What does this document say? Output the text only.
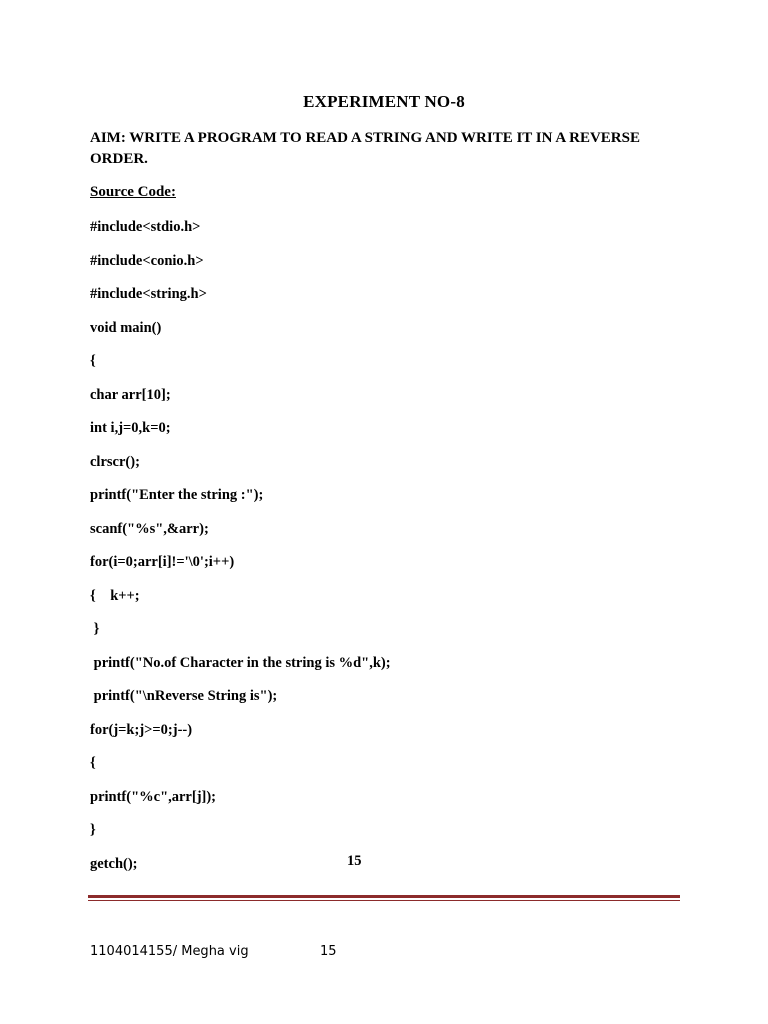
EXPERIMENT NO-8
AIM: WRITE A PROGRAM TO READ A STRING AND WRITE IT IN A REVERSE ORDER.
Source Code:
#include<stdio.h>
#include<conio.h>
#include<string.h>
void main()
{
char arr[10];
int i,j=0,k=0;
clrscr();
printf("Enter the string :");
scanf("%s",&arr);
for(i=0;arr[i]!='\0';i++)
{    k++;
}
printf("No.of Character in the string is %d",k);
printf("\nReverse String is");
for(j=k;j>=0;j--)
{
printf("%c",arr[j]);
}
getch();	15
1104014155/ Megha vig	15
